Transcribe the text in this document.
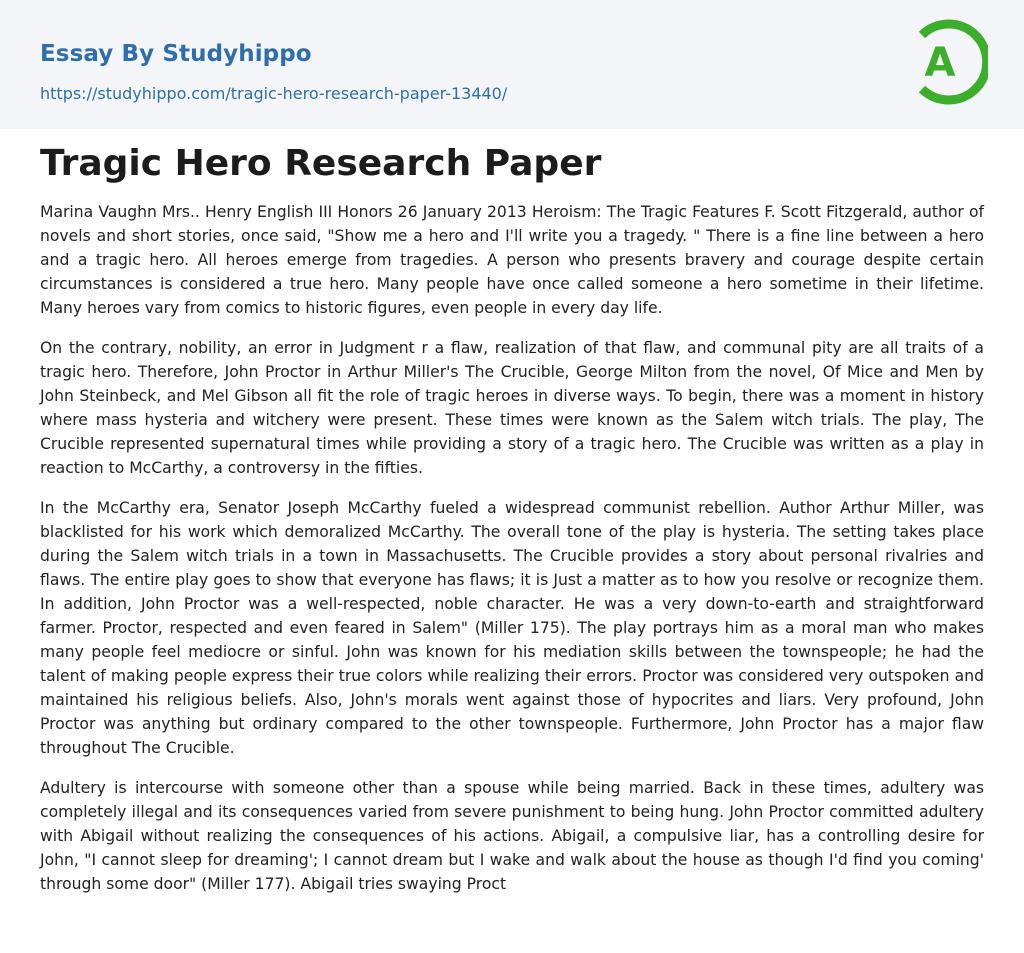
Essay By Studyhippo
https://studyhippo.com/tragic-hero-research-paper-13440/
A
Tragic Hero Research Paper

Marina Vaughn Mrs.. Henry English III Honors 26 January 2013 Heroism: The Tragic Features F. Scott Fitzgerald, author of novels and short stories, once said, "Show me a hero and I'll write you a tragedy. " There is a fine line between a hero and a tragic hero. All heroes emerge from tragedies. A person who presents bravery and courage despite certain circumstances is considered a true hero. Many people have once called someone a hero sometime in their lifetime. Many heroes vary from comics to historic figures, even people in every day life.

On the contrary, nobility, an error in Judgment r a flaw, realization of that flaw, and communal pity are all traits of a tragic hero. Therefore, John Proctor in Arthur Miller's The Crucible, George Milton from the novel, Of Mice and Men by John Steinbeck, and Mel Gibson all fit the role of tragic heroes in diverse ways. To begin, there was a moment in history where mass hysteria and witchery were present. These times were known as the Salem witch trials. The play, The Crucible represented supernatural times while providing a story of a tragic hero. The Crucible was written as a play in reaction to McCarthy, a controversy in the fifties.

In the McCarthy era, Senator Joseph McCarthy fueled a widespread communist rebellion. Author Arthur Miller, was blacklisted for his work which demoralized McCarthy. The overall tone of the play is hysteria. The setting takes place during the Salem witch trials in a town in Massachusetts. The Crucible provides a story about personal rivalries and flaws. The entire play goes to show that everyone has flaws; it is Just a matter as to how you resolve or recognize them. In addition, John Proctor was a well-respected, noble character. He was a very down-to-earth and straightforward farmer. Proctor, respected and even feared in Salem" (Miller 175). The play portrays him as a moral man who makes many people feel mediocre or sinful. John was known for his mediation skills between the townspeople; he had the talent of making people express their true colors while realizing their errors. Proctor was considered very outspoken and maintained his religious beliefs. Also, John's morals went against those of hypocrites and liars. Very profound, John Proctor was anything but ordinary compared to the other townspeople. Furthermore, John Proctor has a major flaw throughout The Crucible.

Adultery is intercourse with someone other than a spouse while being married. Back in these times, adultery was completely illegal and its consequences varied from severe punishment to being hung. John Proctor committed adultery with Abigail without realizing the consequences of his actions. Abigail, a compulsive liar, has a controlling desire for John, "I cannot sleep for dreaming'; I cannot dream but I wake and walk about the house as though I'd find you coming' through some door" (Miller 177). Abigail tries swaying Proct
